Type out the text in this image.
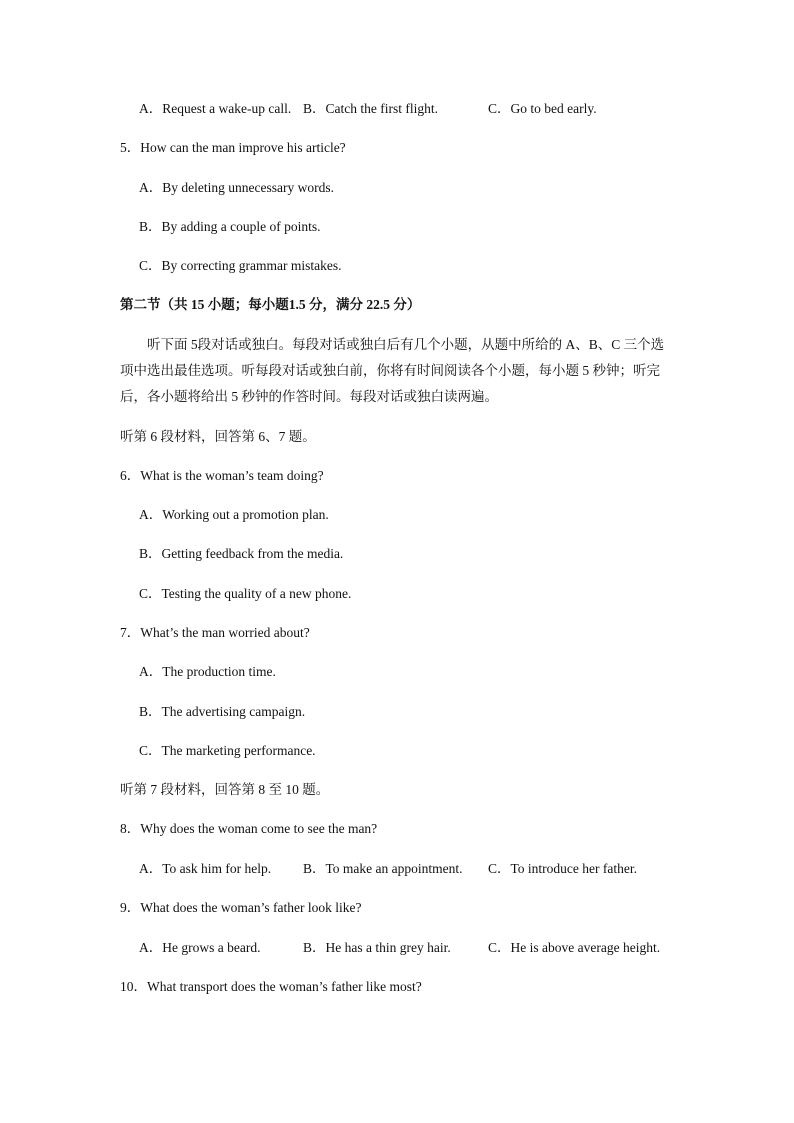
A．Request a wake-up call. B．Catch the first flight.	C．Go to bed early.
5．How can the man improve his article?
A．By deleting unnecessary words.
B．By adding a couple of points.
C．By correcting grammar mistakes.
第二节（共 15 小题；每小题1.5 分，满分 22.5 分）
听下面 5段对话或独白。每段对话或独白后有几个小题，从题中所给的 A、B、C 三个选项中选出最佳选项。听每段对话或独白前，你将有时间阅读各个小题，每小题 5 秒钟；听完后，各小题将给出 5 秒钟的作答时间。每段对话或独白读两遍。
听第 6 段材料，回答第 6、7 题。
6．What is the woman’s team doing?
A．Working out a promotion plan.
B．Getting feedback from the media.
C．Testing the quality of a new phone.
7．What’s the man worried about?
A．The production time.
B．The advertising campaign.
C．The marketing performance.
听第 7 段材料，回答第 8 至 10 题。
8．Why does the woman come to see the man?
A．To ask him for help. B．To make an appointment. C．To introduce her father.
9．What does the woman’s father look like?
A．He grows a beard.	B．He has a thin grey hair.	C．He is above average height.
10．What transport does the woman’s father like most?
